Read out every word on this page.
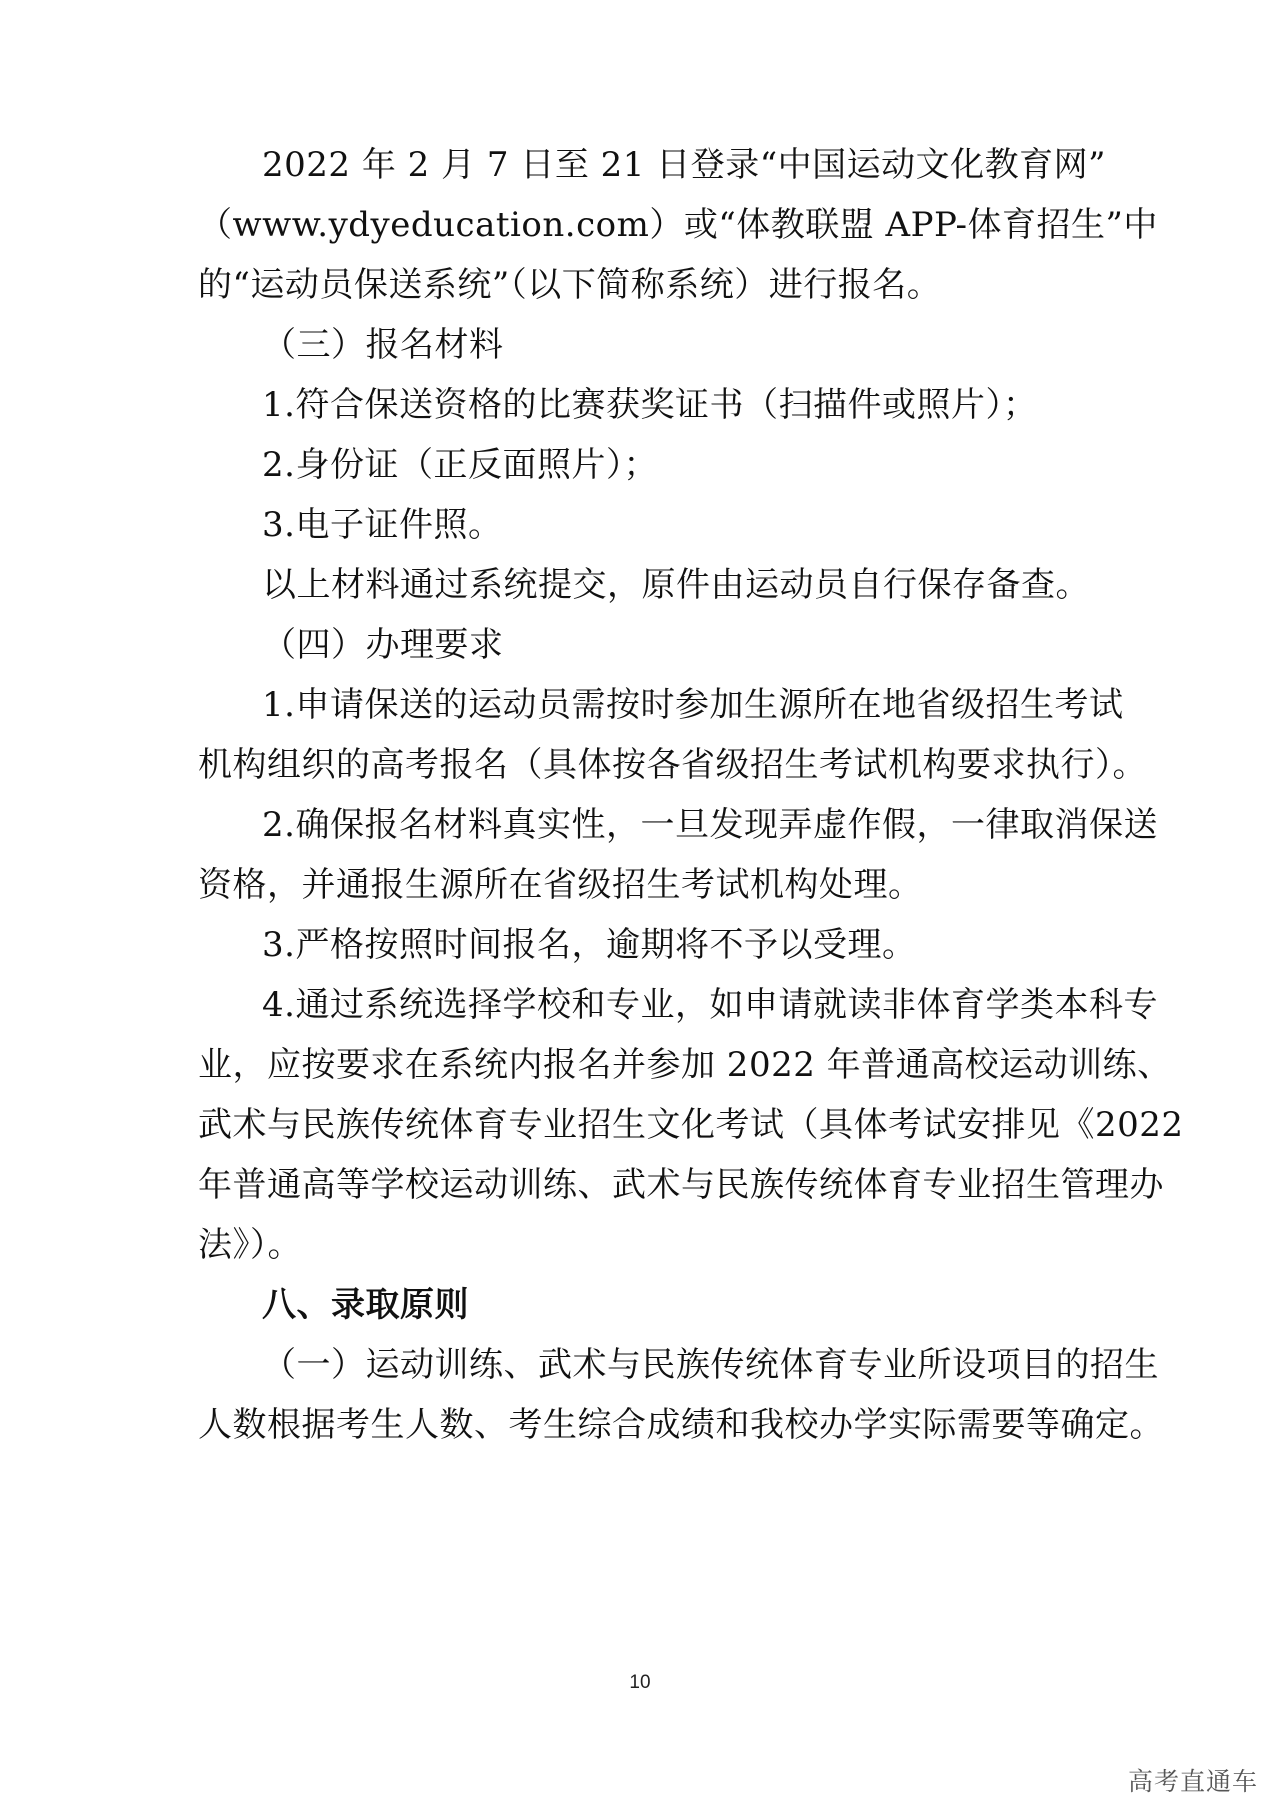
2022 年 2 月 7 日至 21 日登录“中国运动文化教育网”
（www.ydyeducation.com）或“体教联盟 APP-体育招生”中
的“运动员保送系统”（以下简称系统）进行报名。
（三）报名材料
1.符合保送资格的比赛获奖证书（扫描件或照片）；
2.身份证（正反面照片）；
3.电子证件照。
以上材料通过系统提交，原件由运动员自行保存备查。
（四）办理要求
1.申请保送的运动员需按时参加生源所在地省级招生考试
机构组织的高考报名（具体按各省级招生考试机构要求执行）。
2.确保报名材料真实性，一旦发现弄虚作假，一律取消保送
资格，并通报生源所在省级招生考试机构处理。
3.严格按照时间报名，逾期将不予以受理。
4.通过系统选择学校和专业，如申请就读非体育学类本科专
业，应按要求在系统内报名并参加 2022 年普通高校运动训练、
武术与民族传统体育专业招生文化考试（具体考试安排见《2022
年普通高等学校运动训练、武术与民族传统体育专业招生管理办
法》）。
八、录取原则
（一）运动训练、武术与民族传统体育专业所设项目的招生
人数根据考生人数、考生综合成绩和我校办学实际需要等确定。
10
高考直通车
